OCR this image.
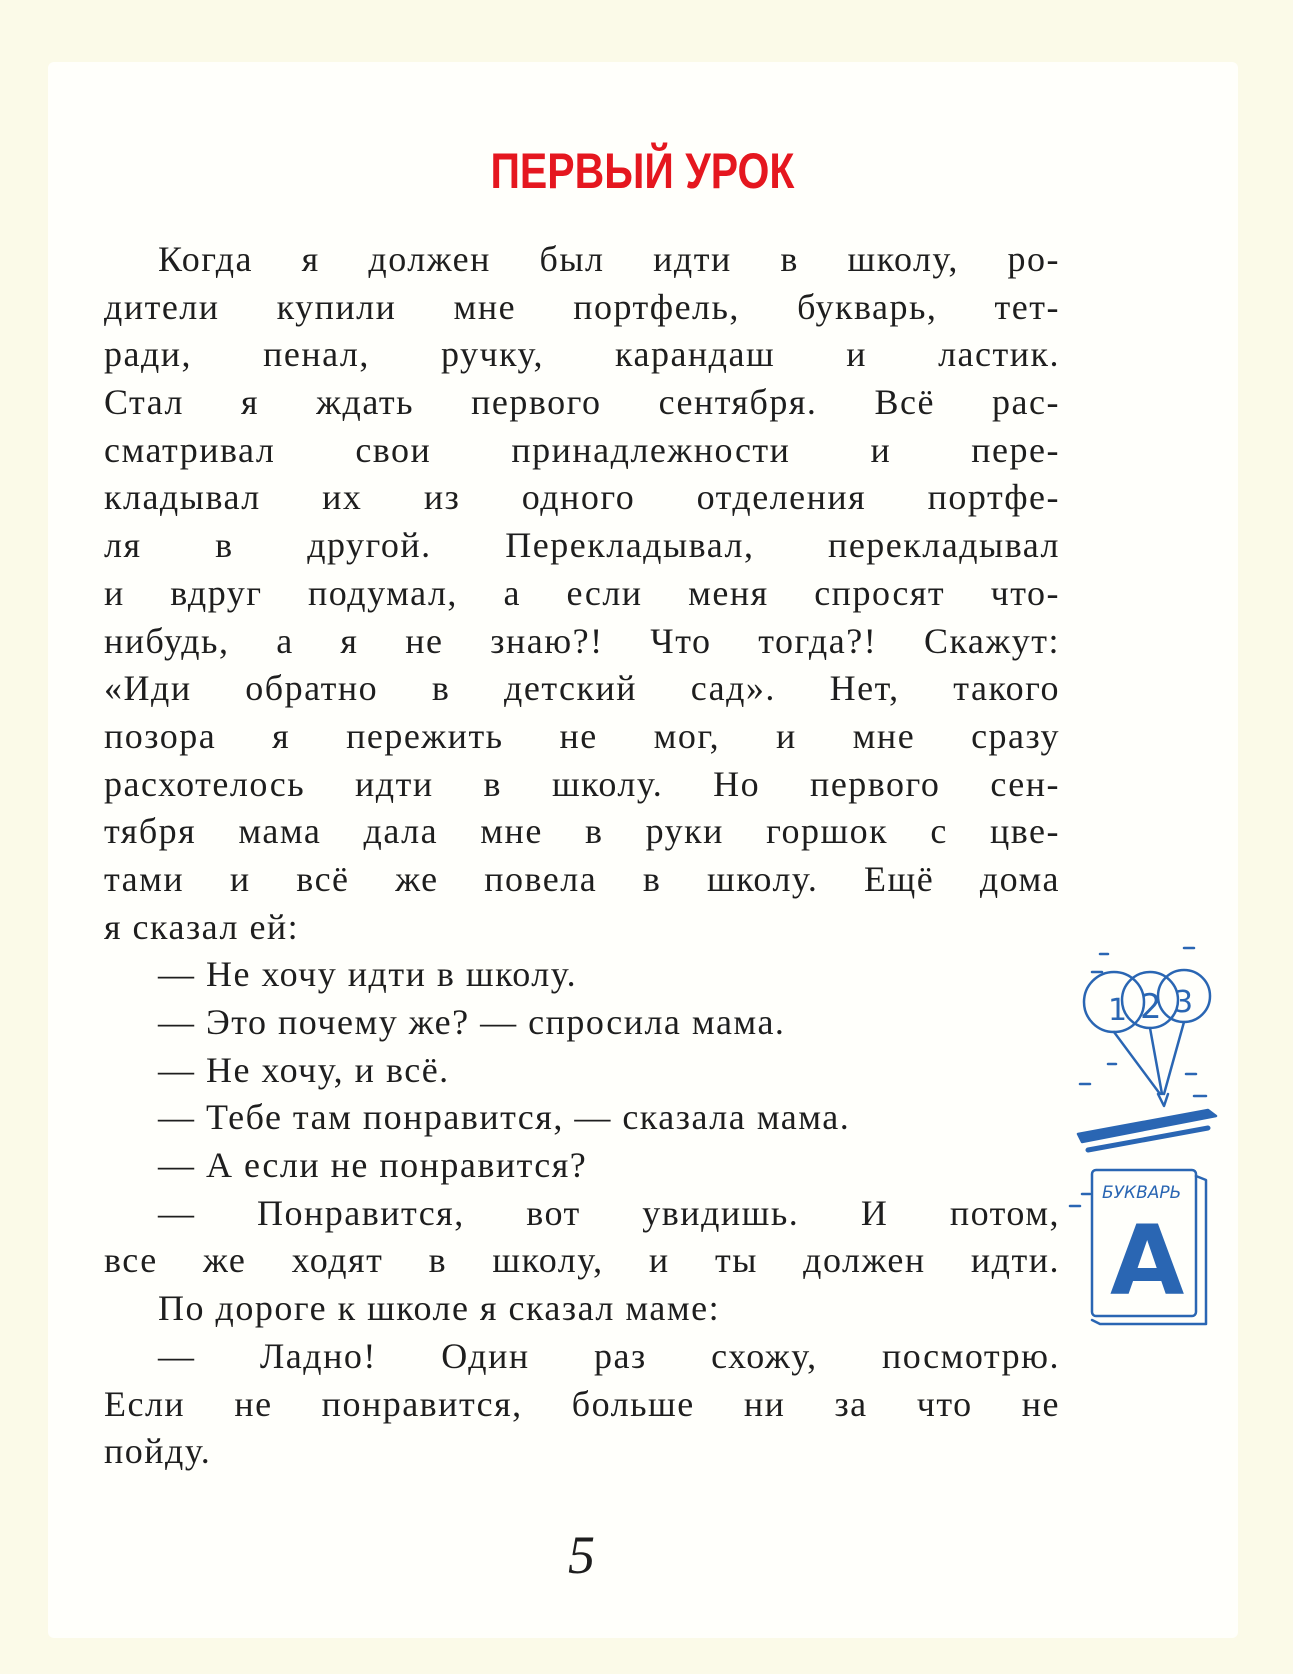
ПЕРВЫЙ УРОК
Когда я должен был идти в школу, ро-
дители купили мне портфель, букварь, тет-
ради, пенал, ручку, карандаш и ластик.
Стал я ждать первого сентября. Всё рас-
сматривал свои принадлежности и пере-
кладывал их из одного отделения портфе-
ля в другой. Перекладывал, перекладывал
и вдруг подумал, а если меня спросят что-
нибудь, а я не знаю?! Что тогда?! Скажут:
«Иди обратно в детский сад». Нет, такого
позора я пережить не мог, и мне сразу
расхотелось идти в школу. Но первого сен-
тября мама дала мне в руки горшок с цве-
тами и всё же повела в школу. Ещё дома
я сказал ей:
— Не хочу идти в школу.
— Это почему же? — спросила мама.
— Не хочу, и всё.
— Тебе там понравится, — сказала мама.
— А если не понравится?
— Понравится, вот увидишь. И потом,
все же ходят в школу, и ты должен идти.
По дороге к школе я сказал маме:
— Ладно! Один раз схожу, посмотрю.
Если не понравится, больше ни за что не
пойду.
5
1 2 3
БУКВАРЬ
А
